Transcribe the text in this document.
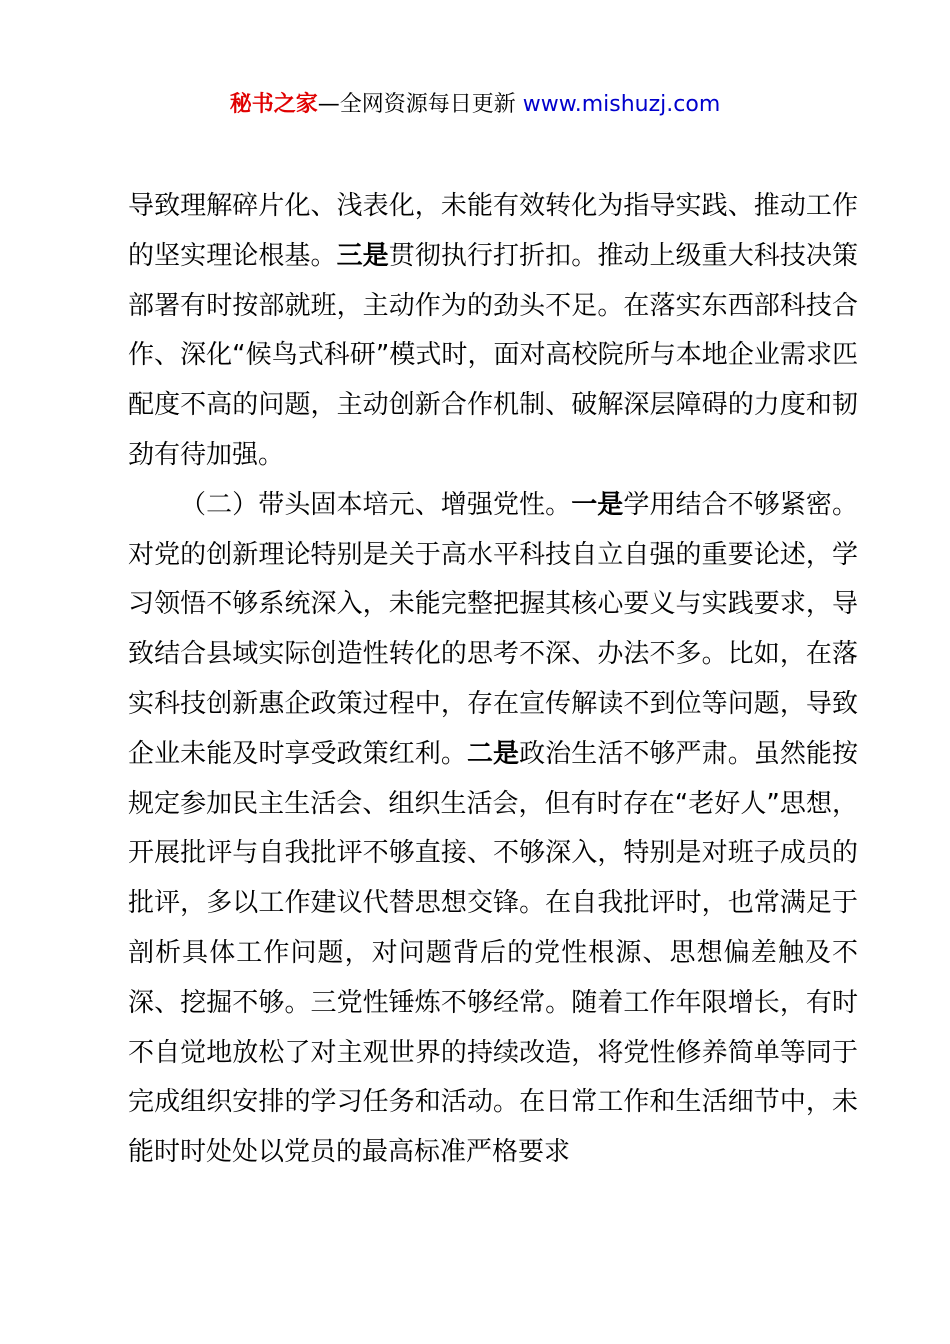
秘书之家—全网资源每日更新 www.mishuzj.com

导致理解碎片化、浅表化，未能有效转化为指导实践、推动工作的坚实理论根基。三是贯彻执行打折扣。推动上级重大科技决策部署有时按部就班，主动作为的劲头不足。在落实东西部科技合作、深化“候鸟式科研”模式时，面对高校院所与本地企业需求匹配度不高的问题，主动创新合作机制、破解深层障碍的力度和韧劲有待加强。

（二）带头固本培元、增强党性。一是学用结合不够紧密。对党的创新理论特别是关于高水平科技自立自强的重要论述，学习领悟不够系统深入，未能完整把握其核心要义与实践要求，导致结合县域实际创造性转化的思考不深、办法不多。比如，在落实科技创新惠企政策过程中，存在宣传解读不到位等问题，导致企业未能及时享受政策红利。二是政治生活不够严肃。虽然能按规定参加民主生活会、组织生活会，但有时存在“老好人”思想，开展批评与自我批评不够直接、不够深入，特别是对班子成员的批评，多以工作建议代替思想交锋。在自我批评时，也常满足于剖析具体工作问题，对问题背后的党性根源、思想偏差触及不深、挖掘不够。三党性锤炼不够经常。随着工作年限增长，有时不自觉地放松了对主观世界的持续改造，将党性修养简单等同于完成组织安排的学习任务和活动。在日常工作和生活细节中，未能时时处处以党员的最高标准严格要求
